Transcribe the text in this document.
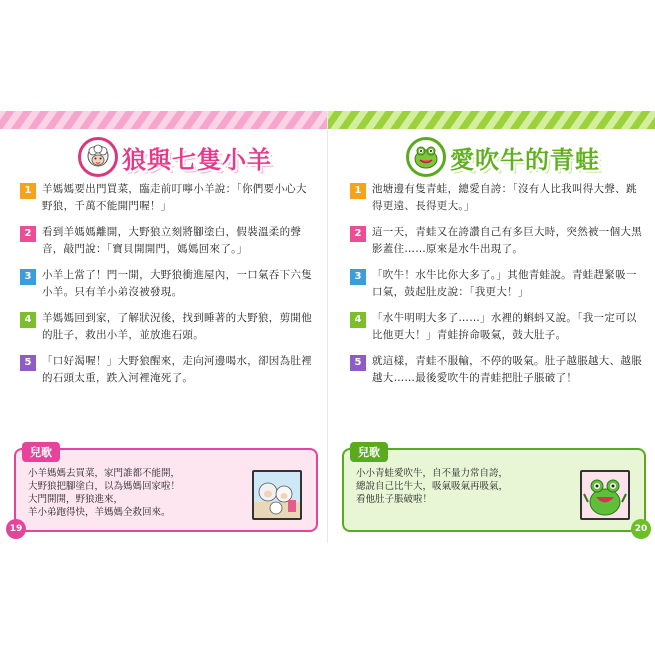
狼與七隻小羊
1	羊媽媽要出門買菜，臨走前叮嚀小羊說：「你們要小心大野狼，千萬不能開門喔！」
2	看到羊媽媽離開，大野狼立刻將腳塗白，假裝溫柔的聲音，敲門說：「寶貝開開門，媽媽回來了。」
3	小羊上當了！門一開，大野狼衝進屋內，一口氣吞下六隻小羊。只有羊小弟沒被發現。
4	羊媽媽回到家，了解狀況後，找到睡著的大野狼，剪開他的肚子，救出小羊，並放進石頭。
5	「口好渴喔！」大野狼醒來，走向河邊喝水，卻因為肚裡的石頭太重，跌入河裡淹死了。
兒歌
小羊媽媽去買菜，家門誰都不能開，
大野狼把腳塗白，以為媽媽回家啦！
大門開開，野狼進來，
羊小弟跑得快，羊媽媽全救回來。
19
愛吹牛的青蛙
1	池塘邊有隻青蛙，總愛自誇：「沒有人比我叫得大聲、跳得更遠、長得更大。」
2	這一天，青蛙又在誇讚自己有多巨大時，突然被一個大黑影蓋住……原來是水牛出現了。
3	「吹牛！水牛比你大多了。」其他青蛙說。青蛙趕緊吸一口氣，鼓起肚皮說：「我更大！」
4	「水牛明明大多了……」水裡的蝌蚪又說。「我一定可以比他更大！」青蛙拚命吸氣，鼓大肚子。
5	就這樣，青蛙不服輸，不停的吸氣。肚子越脹越大、越脹越大……最後愛吹牛的青蛙把肚子脹破了！
兒歌
小小青蛙愛吹牛，自不量力常自誇，
總說自己比牛大，吸氣吸氣再吸氣，
看他肚子脹破啦！
20
